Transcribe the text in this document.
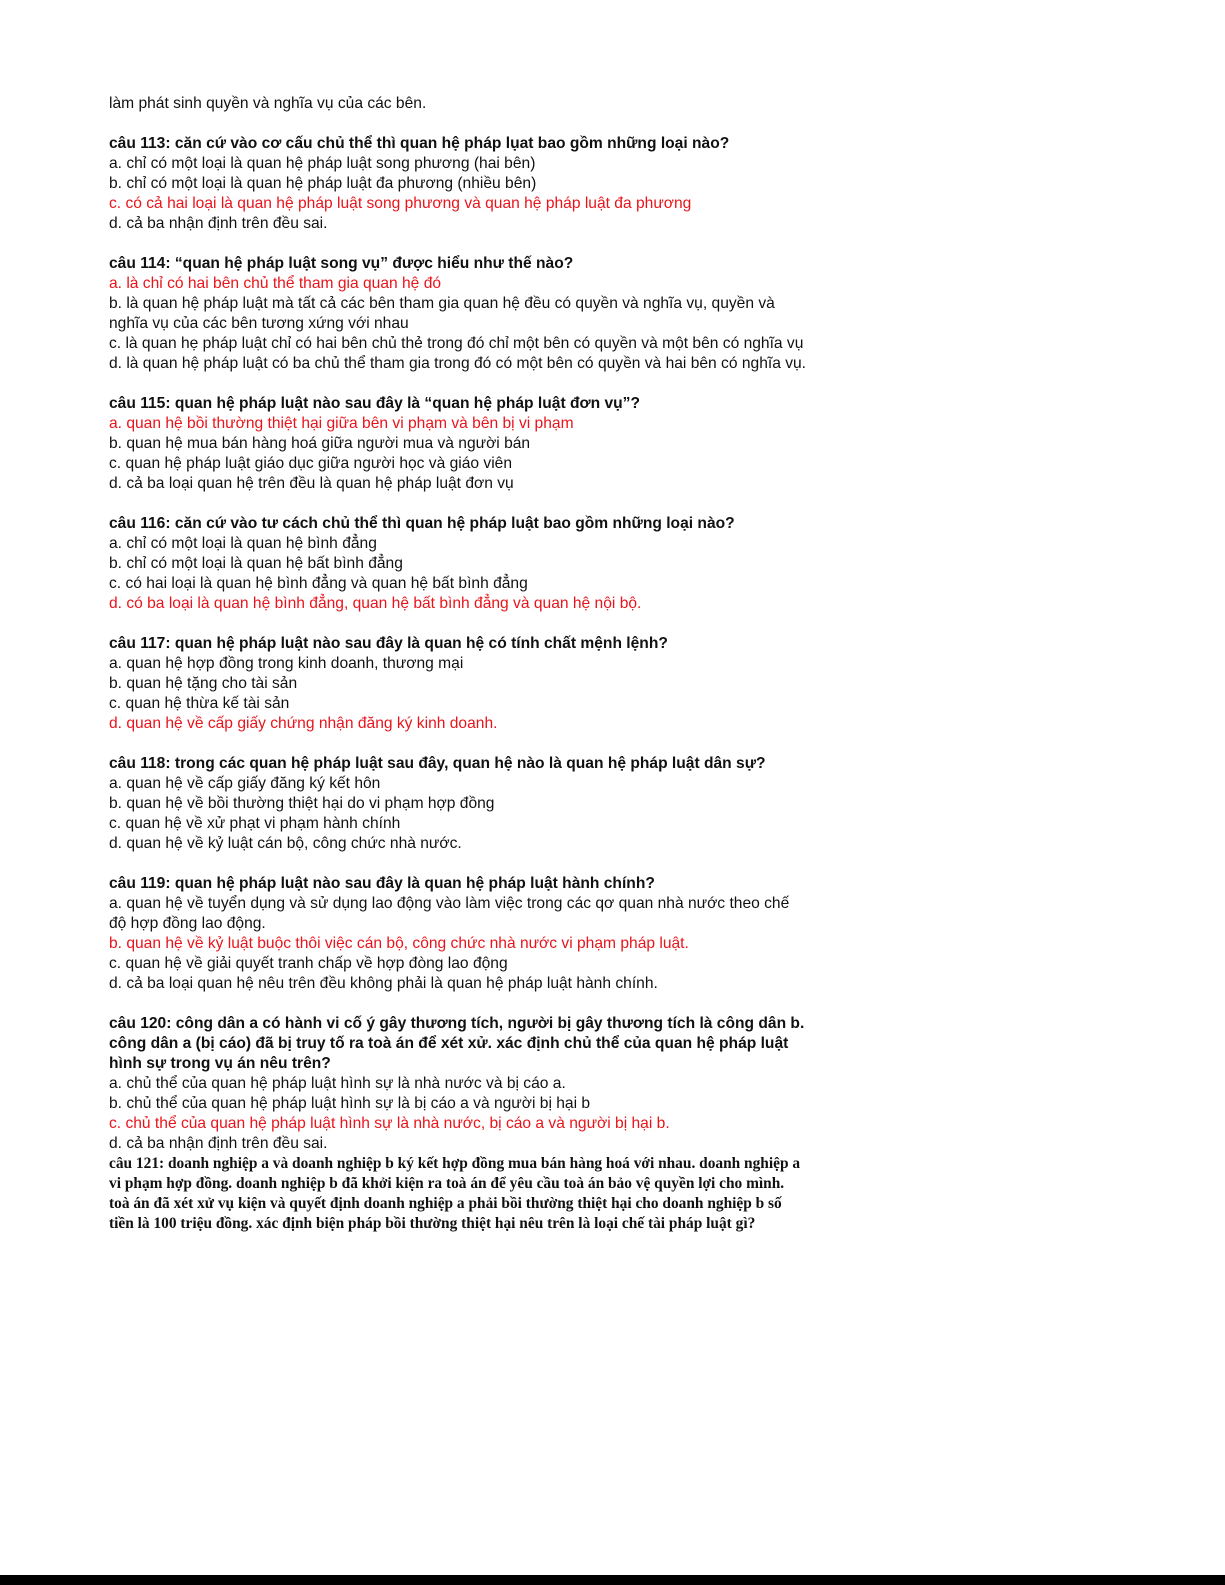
làm phát sinh quyền và nghĩa vụ của các bên.
câu 113: căn cứ vào cơ cấu chủ thể thì quan hệ pháp lụat bao gồm những loại nào?
a. chỉ có một loại là quan hệ pháp luật song phương (hai bên)
b. chỉ có một loại là quan hệ pháp luật đa phương (nhiều bên)
c. có cả hai loại là quan hệ pháp luật song phương và quan hệ pháp luật đa phương
d. cả ba nhận định trên đều sai.
câu 114: “quan hệ pháp luật song vụ” được hiểu như thế nào?
a. là chỉ có hai bên chủ thể tham gia quan hệ đó
b. là quan hệ pháp luật mà tất cả các bên tham gia quan hệ đều có quyền và nghĩa vụ, quyền và
nghĩa vụ của các bên tương xứng với nhau
c. là quan hẹ pháp luật chỉ có hai bên chủ thẻ trong đó chỉ một bên có quyền và một bên có nghĩa vụ
d. là quan hệ pháp luật có ba chủ thể tham gia trong đó có một bên có quyền và hai bên có nghĩa vụ.
câu 115: quan hệ pháp luật nào sau đây là “quan hệ pháp luật đơn vụ”?
a. quan hệ bồi thường thiệt hại giữa bên vi phạm và bên bị vi phạm
b. quan hệ mua bán hàng hoá giữa người mua và người bán
c. quan hệ pháp luật giáo dục giữa người học và giáo viên
d. cả ba loại quan hệ trên đều là quan hệ pháp luật đơn vụ
câu 116: căn cứ vào tư cách chủ thể thì quan hệ pháp luật bao gồm những loại nào?
a. chỉ có một loại là quan hệ bình đẳng
b. chỉ có một loại là quan hệ bất bình đẳng
c. có hai loại là quan hệ bình đẳng và quan hệ bất bình đẳng
d. có ba loại là quan hệ bình đẳng, quan hệ bất bình đẳng và quan hệ nội bộ.
câu 117: quan hệ pháp luật nào sau đây là quan hệ có tính chất mệnh lệnh?
a. quan hệ hợp đồng trong kinh doanh, thương mại
b. quan hệ tặng cho tài sản
c. quan hệ thừa kế tài sản
d. quan hệ về cấp giấy chứng nhận đăng ký kinh doanh.
câu 118: trong các quan hệ pháp luật sau đây, quan hệ nào là quan hệ pháp luật dân sự?
a. quan hệ về cấp giấy đăng ký kết hôn
b. quan hệ về bồi thường thiệt hại do vi phạm hợp đồng
c. quan hệ về xử phạt vi phạm hành chính
d. quan hệ về kỷ luật cán bộ, công chức nhà nước.
câu 119: quan hệ pháp luật nào sau đây là quan hệ pháp luật hành chính?
a. quan hệ về tuyển dụng và sử dụng lao động vào làm việc trong các qơ quan nhà nước theo chế
độ hợp đồng lao động.
b. quan hệ về kỷ luật buộc thôi việc cán bộ, công chức nhà nước vi phạm pháp luật.
c. quan hệ về giải quyết tranh chấp về hợp đòng lao động
d. cả ba loại quan hệ nêu trên đều không phải là quan hệ pháp luật hành chính.
câu 120: công dân a có hành vi cố ý gây thương tích, người bị gây thương tích là công dân b.
công dân a (bị cáo) đã bị truy tố ra toà án để xét xử. xác định chủ thể của quan hệ pháp luật
hình sự trong vụ án nêu trên?
a. chủ thể của quan hệ pháp luật hình sự là nhà nước và bị cáo a.
b. chủ thể của quan hệ pháp luật hình sự là bị cáo a và người bị hại b
c. chủ thể của quan hệ pháp luật hình sự là nhà nước, bị cáo a và người bị hại b.
d. cả ba nhận định trên đều sai.
câu 121: doanh nghiệp a và doanh nghiệp b ký kết hợp đồng mua bán hàng hoá với nhau. doanh nghiệp a
vi phạm hợp đồng. doanh nghiệp b đã khởi kiện ra toà án để yêu cầu toà án bảo vệ quyền lợi cho mình.
toà án đã xét xử vụ kiện và quyết định doanh nghiệp a phải bồi thường thiệt hại cho doanh nghiệp b số
tiền là 100 triệu đồng. xác định biện pháp bồi thường thiệt hại nêu trên là loại chế tài pháp luật gì?
